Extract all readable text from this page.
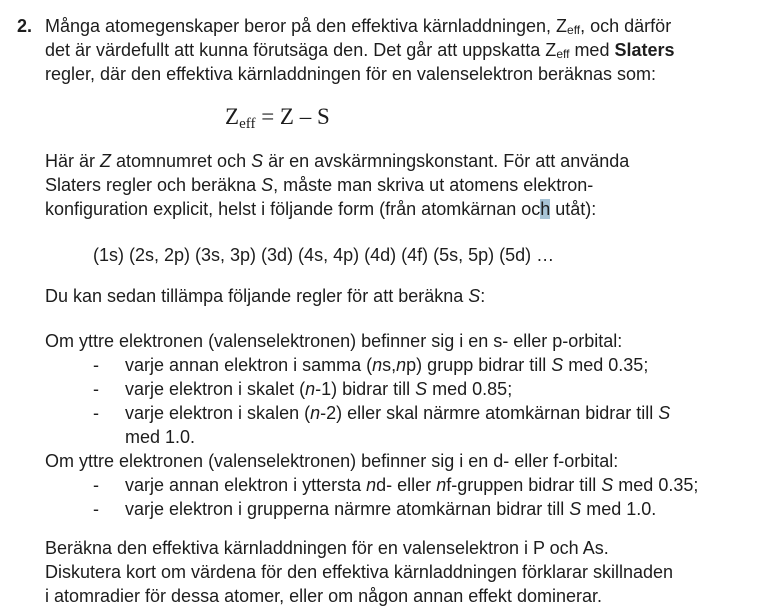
2. Många atomegenskaper beror på den effektiva kärnladdningen, Zeff, och därför
det är värdefullt att kunna förutsäga den. Det går att uppskatta Zeff med Slaters
regler, där den effektiva kärnladdningen för en valenselektron beräknas som:
Zeff = Z – S
Här är Z atomnumret och S är en avskärmningskonstant. För att använda
Slaters regler och beräkna S, måste man skriva ut atomens elektron-
konfiguration explicit, helst i följande form (från atomkärnan och utåt):
(1s) (2s, 2p) (3s, 3p) (3d) (4s, 4p) (4d) (4f) (5s, 5p) (5d) …
Du kan sedan tillämpa följande regler för att beräkna S:
Om yttre elektronen (valenselektronen) befinner sig i en s- eller p-orbital:
-	varje annan elektron i samma (ns,np) grupp bidrar till S med 0.35;
-	varje elektron i skalet (n-1) bidrar till S med 0.85;
-	varje elektron i skalen (n-2) eller skal närmre atomkärnan bidrar till S
med 1.0.
Om yttre elektronen (valenselektronen) befinner sig i en d- eller f-orbital:
-	varje annan elektron i yttersta nd- eller nf-gruppen bidrar till S med 0.35;
-	varje elektron i grupperna närmre atomkärnan bidrar till S med 1.0.
Beräkna den effektiva kärnladdningen för en valenselektron i P och As.
Diskutera kort om värdena för den effektiva kärnladdningen förklarar skillnaden
i atomradier för dessa atomer, eller om någon annan effekt dominerar.
